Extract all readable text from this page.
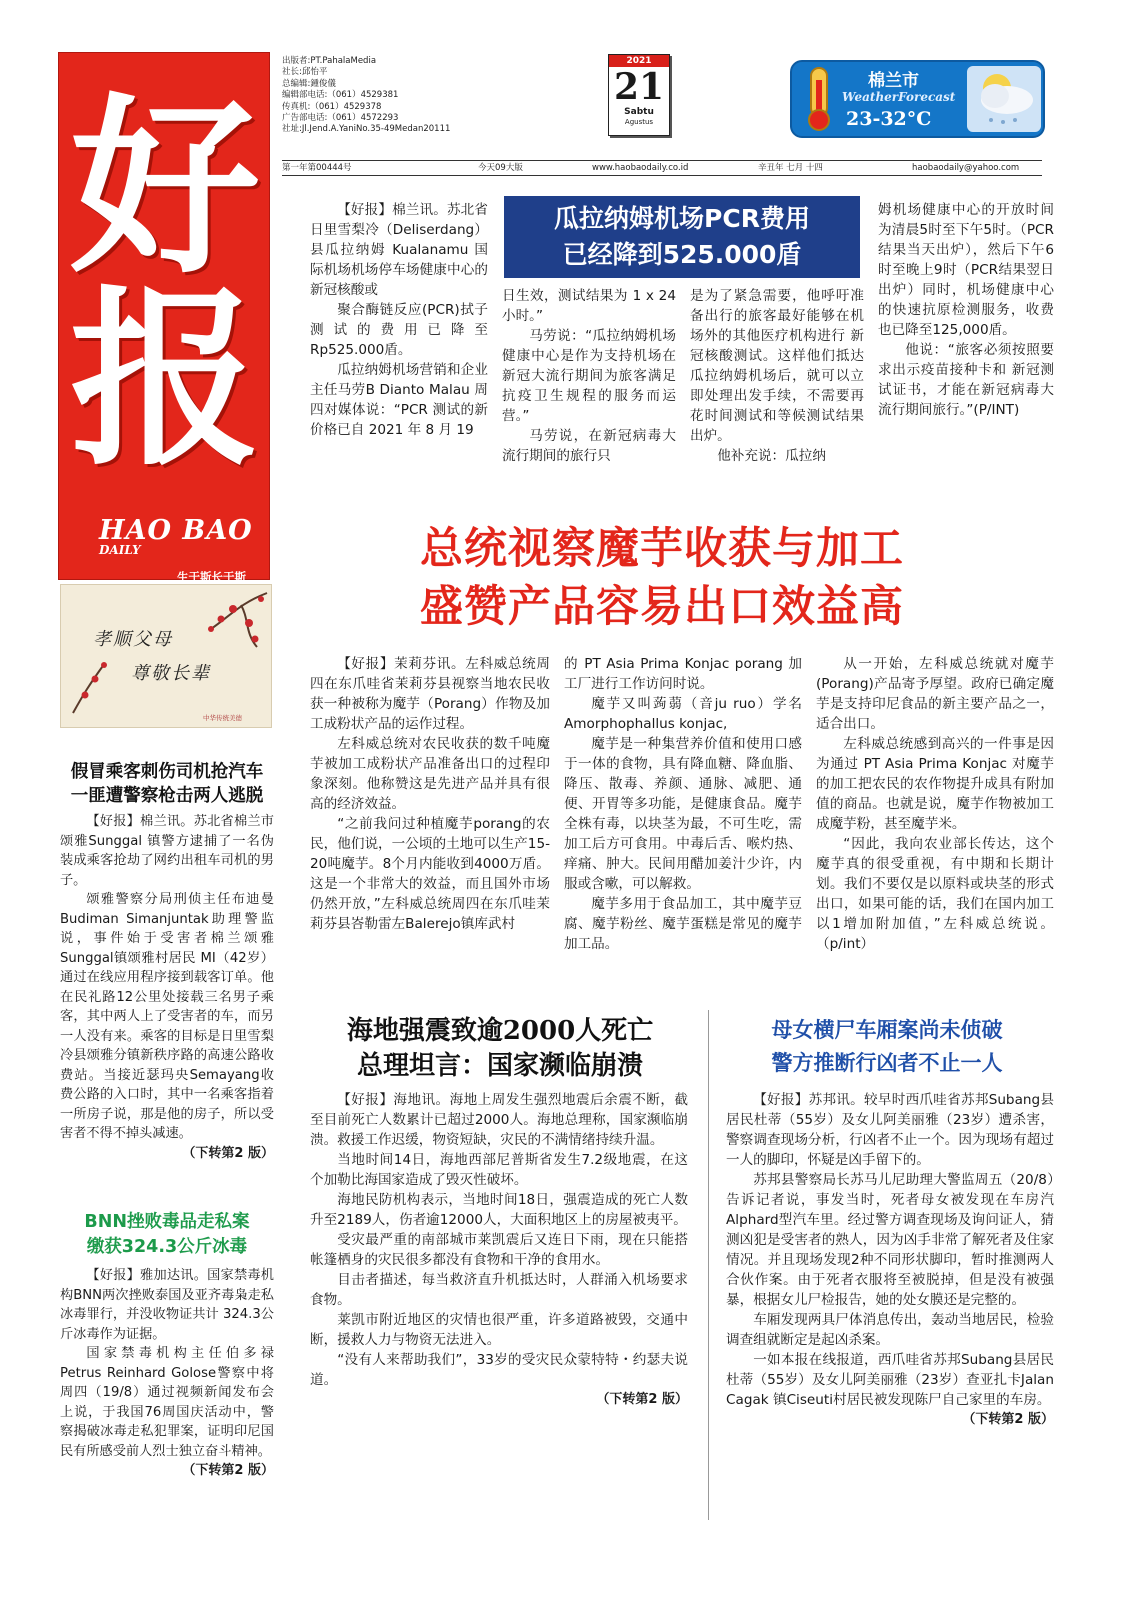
好
报
HAO BAO
DAILY
生于斯长于斯
出版者:PT.PahalaMedia
社长:邱怡平
总编辑:鍾俊儀
编辑部电话:（061）4529381
传真机:（061）4529378
广告部电话:（061）4572293
社址:Jl.Jend.A.YaniNo.35-49Medan20111
2021
21
Sabtu
Agustus
棉兰市
WeatherForecast
23-32°C
第一年第00444号	今天09大版	www.haobaodaily.co.id	辛丑年 七月 十四	haobaodaily@yahoo.com

【好报】棉兰讯。苏北省日里雪梨冷（Deliserdang）县瓜拉纳姆 Kualanamu 国际机场机场停车场健康中心的新冠核酸或

聚合酶链反应(PCR)拭子测试的费用已降至Rp525.000盾。

瓜拉纳姆机场营销和企业主任马劳B Dianto Malau 周四对媒体说：“PCR 测试的新价格已自 2021 年 8 月 19

瓜拉纳姆机场PCR费用
已经降到525.000盾

日生效，测试结果为 1 x 24 小时。”

马劳说：“瓜拉纳姆机场健康中心是作为支持机场在新冠大流行期间为旅客满足抗疫卫生规程的服务而运营。”

马劳说，在新冠病毒大流行期间的旅行只

是为了紧急需要，他呼吁准备出行的旅客最好能够在机场外的其他医疗机构进行 新冠核酸测试。这样他们抵达瓜拉纳姆机场后，就可以立即处理出发手续，不需要再花时间测试和等候测试结果出炉。

他补充说：瓜拉纳

姆机场健康中心的开放时间为清晨5时至下午5时。（PCR结果当天出炉），然后下午6时至晚上9时（PCR结果翌日出炉）同时，机场健康中心的快速抗原检测服务，收费也已降至125,000盾。

他说：“旅客必须按照要求出示疫苗接种卡和 新冠测试证书，才能在新冠病毒大流行期间旅行。”(P/INT)

总统视察魔芋收获与加工
盛赞产品容易出口效益高

【好报】茉莉芬讯。左科威总统周四在东爪哇省茉莉芬县视察当地农民收获一种被称为魔芋（Porang）作物及加工成粉状产品的运作过程。

左科威总统对农民收获的数千吨魔芋被加工成粉状产品准备出口的过程印象深刻。他称赞这是先进产品并具有很高的经济效益。

“之前我问过种植魔芋porang的农民，他们说，一公顷的土地可以生产15-20吨魔芋。8个月内能收到4000万盾。这是一个非常大的效益，而且国外市场仍然开放，”左科威总统周四在东爪哇茉莉芬县峇勒雷左Balerejo镇库武村

的 PT Asia Prima Konjac porang 加工厂进行工作访问时说。

魔芋又叫蒟蒻（音ju ruo）学名Amorphophallus konjac,

魔芋是一种集营养价值和使用口感于一体的食物，具有降血糖、降血脂、降压、散毒、养颜、通脉、减肥、通便、开胃等多功能，是健康食品。魔芋全株有毒，以块茎为最，不可生吃，需加工后方可食用。中毒后舌、喉灼热、痒痛、肿大。民间用醋加姜汁少许，内服或含嗽，可以解救。

魔芋多用于食品加工，其中魔芋豆腐、魔芋粉丝、魔芋蛋糕是常见的魔芋加工品。

从一开始，左科威总统就对魔芋(Porang)产品寄予厚望。政府已确定魔芋是支持印尼食品的新主要产品之一，适合出口。

左科威总统感到高兴的一件事是因为通过 PT Asia Prima Konjac 对魔芋的加工把农民的农作物提升成具有附加值的商品。也就是说，魔芋作物被加工成魔芋粉，甚至魔芋米。

“因此，我向农业部长传达，这个魔芋真的很受重视，有中期和长期计划。我们不要仅是以原料或块茎的形式出口，如果可能的话，我们在国内加工以1增加附加值，”左科威总统说。（p/int）

孝顺父母
尊敬长辈
中华传统美德
假冒乘客刺伤司机抢汽车
一匪遭警察枪击两人逃脱

【好报】棉兰讯。苏北省棉兰市颂雅Sunggal 镇警方逮捕了一名伪装成乘客抢劫了网约出租车司机的男子。

颂雅警察分局刑侦主任布迪曼Budiman Simanjuntak助理警监说，事件始于受害者棉兰颂雅Sunggal镇颂雅村居民 MI（42岁）通过在线应用程序接到载客订单。他在民礼路12公里处接载三名男子乘客，其中两人上了受害者的车，而另一人没有来。乘客的目标是日里雪梨冷县颂雅分镇新秩序路的高速公路收费站。当接近瑟玛央Semayang收费公路的入口时，其中一名乘客指着一所房子说，那是他的房子，所以受害者不得不掉头减速。

（下转第2 版）

BNN挫败毒品走私案
缴获324.3公斤冰毒

【好报】雅加达讯。国家禁毒机构BNN两次挫败泰国及亚齐毒枭走私冰毒罪行，并没收物证共计 324.3公斤冰毒作为证据。

国家禁毒机构主任伯多禄 Petrus Reinhard Golose警察中将周四（19/8）通过视频新闻发布会上说，于我国76周国庆活动中，警察揭破冰毒走私犯罪案，证明印尼国民有所感受前人烈士独立奋斗精神。

（下转第2 版）

海地强震致逾2000人死亡
总理坦言：国家濒临崩溃

【好报】海地讯。海地上周发生强烈地震后余震不断，截至目前死亡人数累计已超过2000人。海地总理称，国家濒临崩溃。救援工作迟缓，物资短缺，灾民的不满情绪持续升温。

当地时间14日，海地西部尼普斯省发生7.2级地震，在这个加勒比海国家造成了毁灭性破坏。

海地民防机构表示，当地时间18日，强震造成的死亡人数升至2189人，伤者逾12000人，大面积地区上的房屋被夷平。

受灾最严重的南部城市莱凯震后又连日下雨，现在只能搭帐篷栖身的灾民很多都没有食物和干净的食用水。

目击者描述，每当救济直升机抵达时，人群涌入机场要求食物。

莱凯市附近地区的灾情也很严重，许多道路被毁，交通中断，援救人力与物资无法进入。

“没有人来帮助我们”，33岁的受灾民众蒙特特・约瑟夫说道。

（下转第2 版）

母女横尸车厢案尚未侦破
警方推断行凶者不止一人

【好报】苏邦讯。较早时西爪哇省苏邦Subang县居民杜蒂（55岁）及女儿阿美丽雅（23岁）遭杀害，警察调查现场分析，行凶者不止一个。因为现场有超过一人的脚印，怀疑是凶手留下的。

苏邦县警察局长苏马儿尼助理大警监周五（20/8）告诉记者说，事发当时，死者母女被发现在车房汽Alphard型汽车里。经过警方调查现场及询问证人，猜测凶犯是受害者的熟人，因为凶手非常了解死者及住家情况。并且现场发现2种不同形状脚印，暂时推测两人合伙作案。由于死者衣服将至被脱掉，但是没有被强暴，根据女儿尸检报告，她的处女膜还是完整的。

车厢发现两具尸体消息传出，轰动当地居民，检验调查组就断定是起凶杀案。

一如本报在线报道，西爪哇省苏邦Subang县居民杜蒂（55岁）及女儿阿美丽雅（23岁）查亚扎卡Jalan Cagak 镇Ciseuti村居民被发现陈尸自己家里的车房。

（下转第2 版）
